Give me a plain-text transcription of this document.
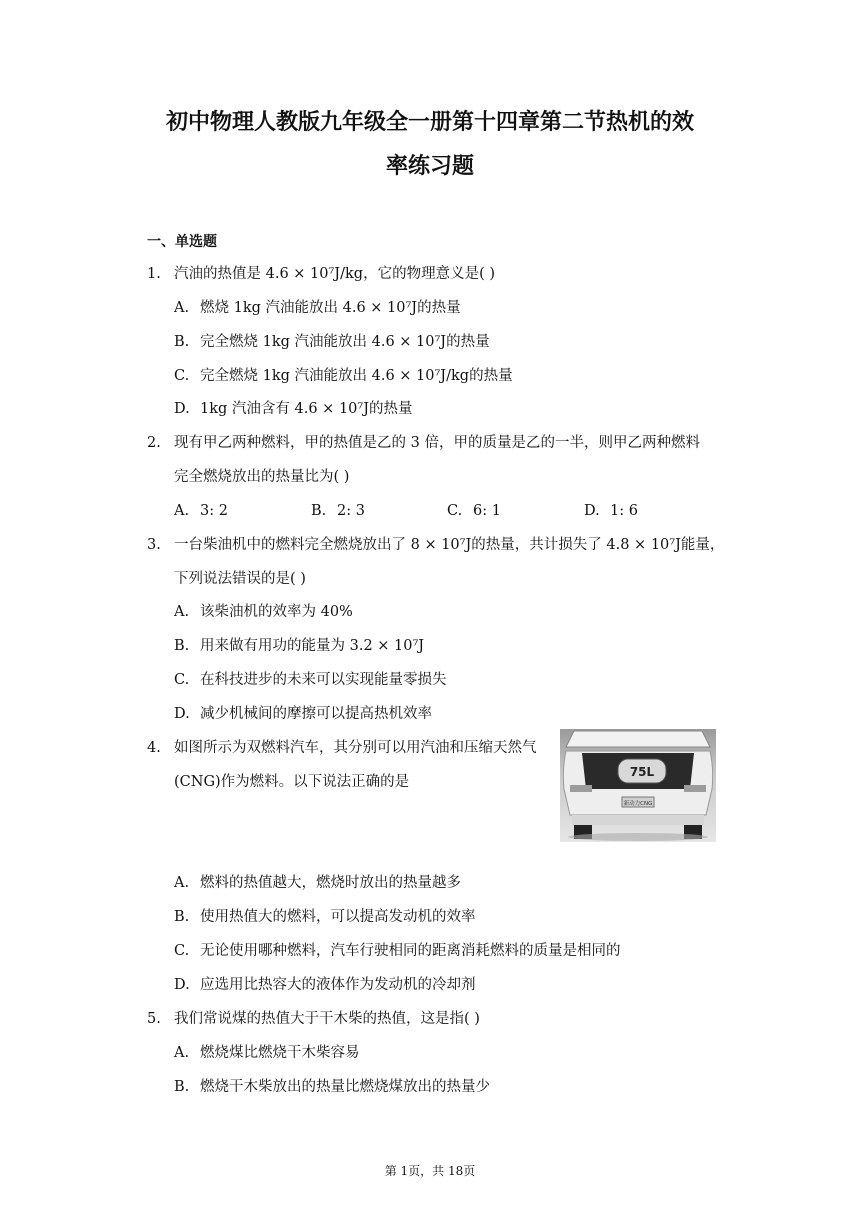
初中物理人教版九年级全一册第十四章第二节热机的效
率练习题
一、单选题
1. 汽油的热值是 4.6 × 10⁷J/kg，它的物理意义是( )
A. 燃烧 1kg 汽油能放出 4.6 × 10⁷J的热量
B. 完全燃烧 1kg 汽油能放出 4.6 × 10⁷J的热量
C. 完全燃烧 1kg 汽油能放出 4.6 × 10⁷J/kg的热量
D. 1kg 汽油含有 4.6 × 10⁷J的热量
2. 现有甲乙两种燃料，甲的热值是乙的 3 倍，甲的质量是乙的一半，则甲乙两种燃料
完全燃烧放出的热量比为( )
A. 3: 2	B. 2: 3	C. 6: 1	D. 1: 6
3. 一台柴油机中的燃料完全燃烧放出了 8 × 10⁷J的热量，共计损失了 4.8 × 10⁷J能量，
下列说法错误的是( )
A. 该柴油机的效率为 40%
B. 用来做有用功的能量为 3.2 × 10⁷J
C. 在科技进步的未来可以实现能量零损失
D. 减少机械间的摩擦可以提高热机效率
4. 如图所示为双燃料汽车，其分别可以用汽油和压缩天然气
(CNG)作为燃料。以下说法正确的是
75L
新动力CNG
A. 燃料的热值越大，燃烧时放出的热量越多
B. 使用热值大的燃料，可以提高发动机的效率
C. 无论使用哪种燃料，汽车行驶相同的距离消耗燃料的质量是相同的
D. 应选用比热容大的液体作为发动机的冷却剂
5. 我们常说煤的热值大于干木柴的热值，这是指( )
A. 燃烧煤比燃烧干木柴容易
B. 燃烧干木柴放出的热量比燃烧煤放出的热量少
第 1页，共 18页
